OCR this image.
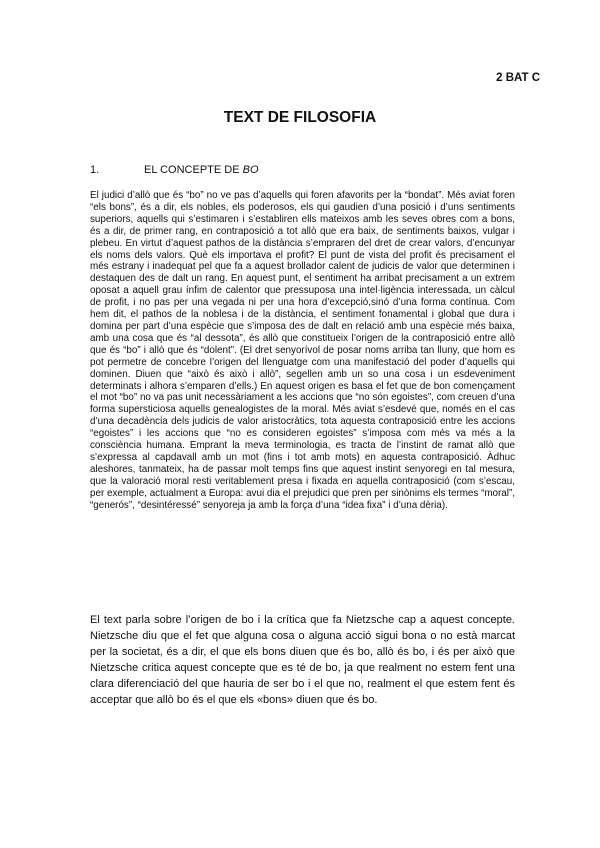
2 BAT C
TEXT DE FILOSOFIA
1.	EL CONCEPTE DE BO

El judici d’allò que és “bo” no ve pas d’aquells qui foren afavorits per la “bondat”. Més aviat foren “els bons”, és a dir, els nobles, els poderosos, els qui gaudien d’una posició i d’uns sentiments superiors, aquells qui s’estimaren i s’establiren ells mateixos amb les seves obres com a bons, és a dir, de primer rang, en contraposició a tot allò que era baix, de sentiments baixos, vulgar i plebeu. En virtut d’aquest pathos de la distància s’empraren del dret de crear valors, d’encunyar els noms dels valors. Què els importava el profit? El punt de vista del profit és precisament el més estrany i inadequat pel que fa a aquest brollador calent de judicis de valor que determinen i destaquen des de dalt un rang. En aquest punt, el sentiment ha arribat precisament a un extrem oposat a aquell grau ínfim de calentor que pressuposa una intel·ligència interessada, un càlcul de profit, i no pas per una vegada ni per una hora d’excepció,sinó d’una forma contínua. Com hem dit, el pathos de la noblesa i de la distància, el sentiment fonamental i global que dura i domina per part d’una espècie que s’imposa des de dalt en relació amb una espècie més baixa, amb una cosa que és “al dessota”, és allò que constitueix l’origen de la contraposició entre allò que és “bo” i allò que és “dolent”. (El dret senyorívol de posar noms arriba tan lluny, que hom es pot permetre de concebre l’origen del llenguatge com una manifestació del poder d’aquells qui dominen. Diuen que “això és això i allò”, segellen amb un so una cosa i un esdeveniment determinats i alhora s’emparen d’ells.) En aquest origen es basa el fet que de bon començament el mot “bo” no va pas unit necessàriament a les accions que “no són egoistes”, com creuen d’una forma supersticiosa aquells genealogistes de la moral. Més aviat s’esdevé que, només en el cas d’una decadència dels judicis de valor aristocràtics, tota aquesta contraposició entre les accions “egoistes” i les accions que “no es consideren egoistes” s’imposa com més va més a la consciència humana. Emprant la meva terminologia, es tracta de l’instint de ramat allò que s’expressa al capdavall amb un mot (fins i tot amb mots) en aquesta contraposició. Àdhuc aleshores, tanmateix, ha de passar molt temps fins que aquest instint senyoregi en tal mesura, que la valoració moral resti veritablement presa i fixada en aquella contraposició (com s’escau, per exemple, actualment a Europa: avui dia el prejudici que pren per sinònims els termes “moral”, “generós”, “desintéressé” senyoreja ja amb la força d’una “idea fixa” i d’una dèria).

El text parla sobre l’origen de bo i la crítica que fa Nietzsche cap a aquest concepte. Nietzsche diu que el fet que alguna cosa o alguna acció sigui bona o no està marcat per la societat, és a dir, el que els bons diuen que és bo, allò és bo, i és per això que Nietzsche critica aquest concepte que es té de bo, ja que realment no estem fent una clara diferenciació del que hauria de ser bo i el que no, realment el que estem fent és acceptar que allò bo és el que els «bons» diuen que és bo.
